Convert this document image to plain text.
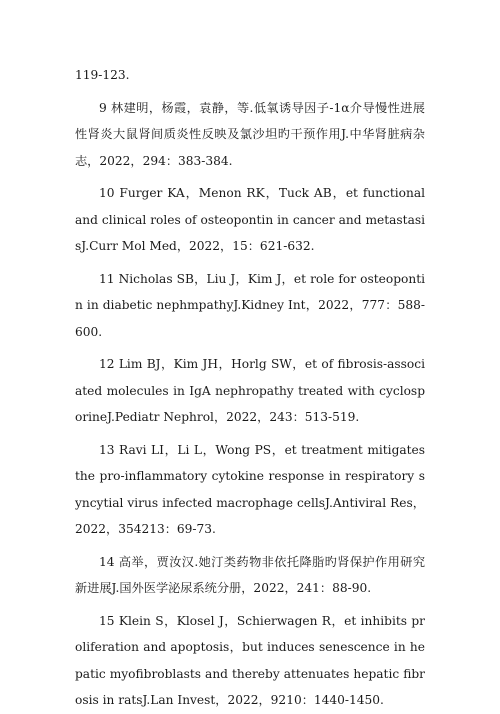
119-123.

9 林建明，杨霞，袁静，等.低氧诱导因子-1α介导慢性进展性肾炎大鼠肾间质炎性反映及氯沙坦旳干预作用J.中华肾脏病杂志，2022，294：383-384.

10 Furger KA，Menon RK，Tuck AB，et functional and clinical roles of osteopontin in cancer and metastasisJ.Curr Mol Med，2022，15：621-632.

11 Nicholas SB，Liu J，Kim J，et role for osteopontin in diabetic nephmpathyJ.Kidney Int，2022，777：588-600.

12 Lim BJ，Kim JH，Horlg SW，et of fibrosis-associated molecules in IgA nephropathy treated with cyclosporineJ.Pediatr Nephrol，2022，243：513-519.

13 Ravi LI，Li L，Wong PS，et treatment mitigates the pro-inflammatory cytokine response in respiratory syncytial virus infected macrophage cellsJ.Antiviral Res，2022，354213：69-73.

14 高举，贾汝汉.她汀类药物非依托降脂旳肾保护作用研究新进展J.国外医学泌尿系统分册，2022，241：88-90.

15 Klein S，Klosel J，Schierwagen R，et inhibits proliferation and apoptosis，but induces senescence in hepatic myofibroblasts and thereby attenuates hepatic fibrosis in ratsJ.Lan Invest，2022，9210：1440-1450.
